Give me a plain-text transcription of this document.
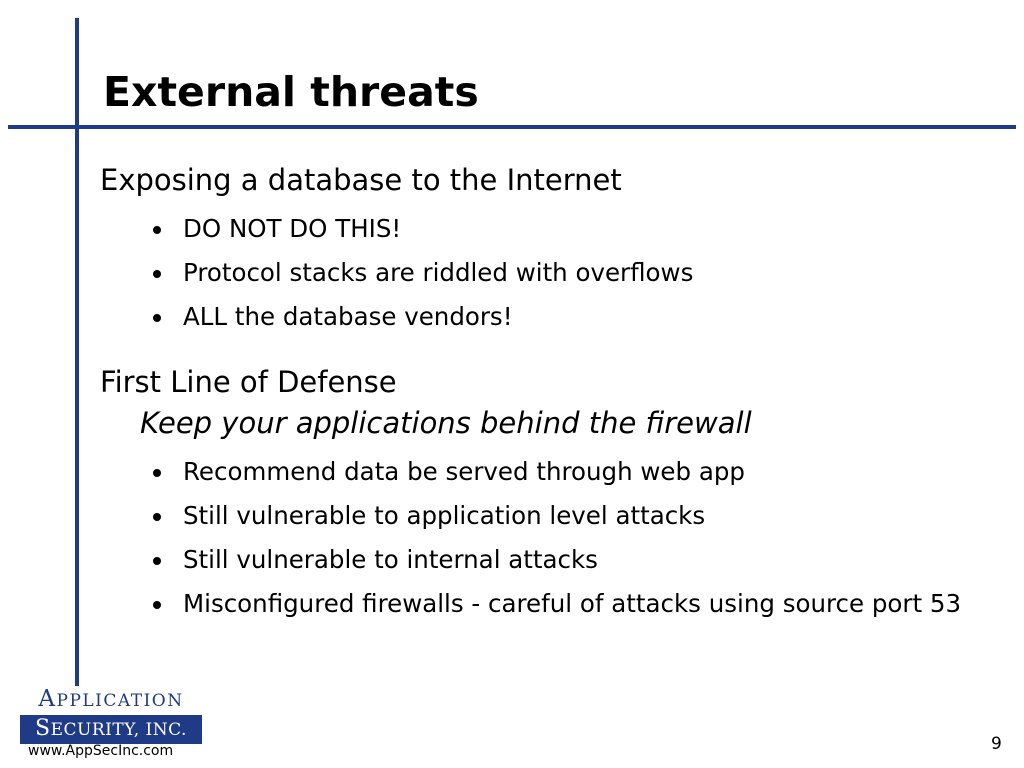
External threats

Exposing a database to the Internet

DO NOT DO THIS!
Protocol stacks are riddled with overflows
ALL the database vendors!

First Line of Defense

Keep your applications behind the firewall

Recommend data be served through web app
Still vulnerable to application level attacks
Still vulnerable to internal attacks
Misconfigured firewalls - careful of attacks using source port 53
APPLICATION
SECURITY, INC.
www.AppSecInc.com	9
